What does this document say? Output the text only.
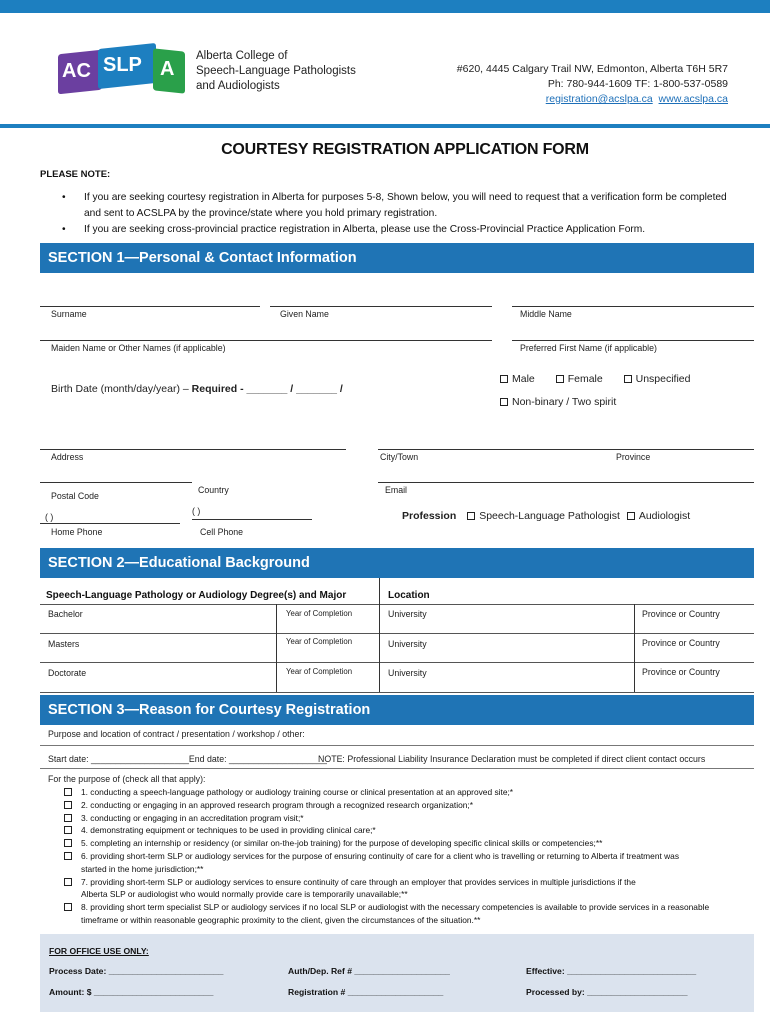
AC SLP A
Alberta College of
Speech-Language Pathologists
and Audiologists
#620, 4445 Calgary Trail NW, Edmonton, Alberta T6H 5R7
Ph: 780-944-1609 TF: 1-800-537-0589
registration@acslpa.ca www.acslpa.ca
COURTESY REGISTRATION APPLICATION FORM
PLEASE NOTE:
• If you are seeking courtesy registration in Alberta for purposes 5-8, Shown below, you will need to request that a verification form be completed and sent to ACSLPA by the province/state where you hold primary registration.
• If you are seeking cross-provincial practice registration in Alberta, please use the Cross-Provincial Practice Application Form.
SECTION 1—Personal & Contact Information
Surname	Given Name	Middle Name
Maiden Name or Other Names (if applicable)	Preferred First Name (if applicable)
Birth Date (month/day/year) – Required - _______ / _______ /
Male	Female	Unspecified
Non-binary / Two spirit
Address	City/Town	Province
Country	Email
Postal Code
( )
( )
Home Phone	Cell Phone
Profession Speech-Language Pathologist Audiologist
SECTION 2—Educational Background
Speech-Language Pathology or Audiology Degree(s) and Major	Location
Bachelor	Year of Completion	University	Province or Country
Masters	Year of Completion	University	Province or Country
Doctorate	Year of Completion	University	Province or Country
SECTION 3—Reason for Courtesy Registration
Purpose and location of contract / presentation / workshop / other:
Start date: ____________________End date: ____________________
NOTE: Professional Liability Insurance Declaration must be completed if direct client contact occurs
For the purpose of (check all that apply):
1. conducting a speech-language pathology or audiology training course or clinical presentation at an approved site;*
2. conducting or engaging in an approved research program through a recognized research organization;*
3. conducting or engaging in an accreditation program visit;*
4. demonstrating equipment or techniques to be used in providing clinical care;*
5. completing an internship or residency (or similar on-the-job training) for the purpose of developing specific clinical skills or competencies;**
6. providing short-term SLP or audiology services for the purpose of ensuring continuity of care for a client who is travelling or returning to Alberta if treatment was
started in the home jurisdiction;**
7. providing short-term SLP or audiology services to ensure continuity of care through an employer that provides services in multiple jurisdictions if the
Alberta SLP or audiologist who would normally provide care is temporarily unavailable;**
8. providing short term specialist SLP or audiology services if no local SLP or audiologist with the necessary competencies is available to provide services in a reasonable
timeframe or within reasonable geographic proximity to the client, given the circumstances of the situation.**
FOR OFFICE USE ONLY:
Process Date: ________________________	Auth/Dep. Ref # ____________________	Effective: ___________________________
Amount: $ _________________________	Registration # ____________________	Processed by: _____________________
